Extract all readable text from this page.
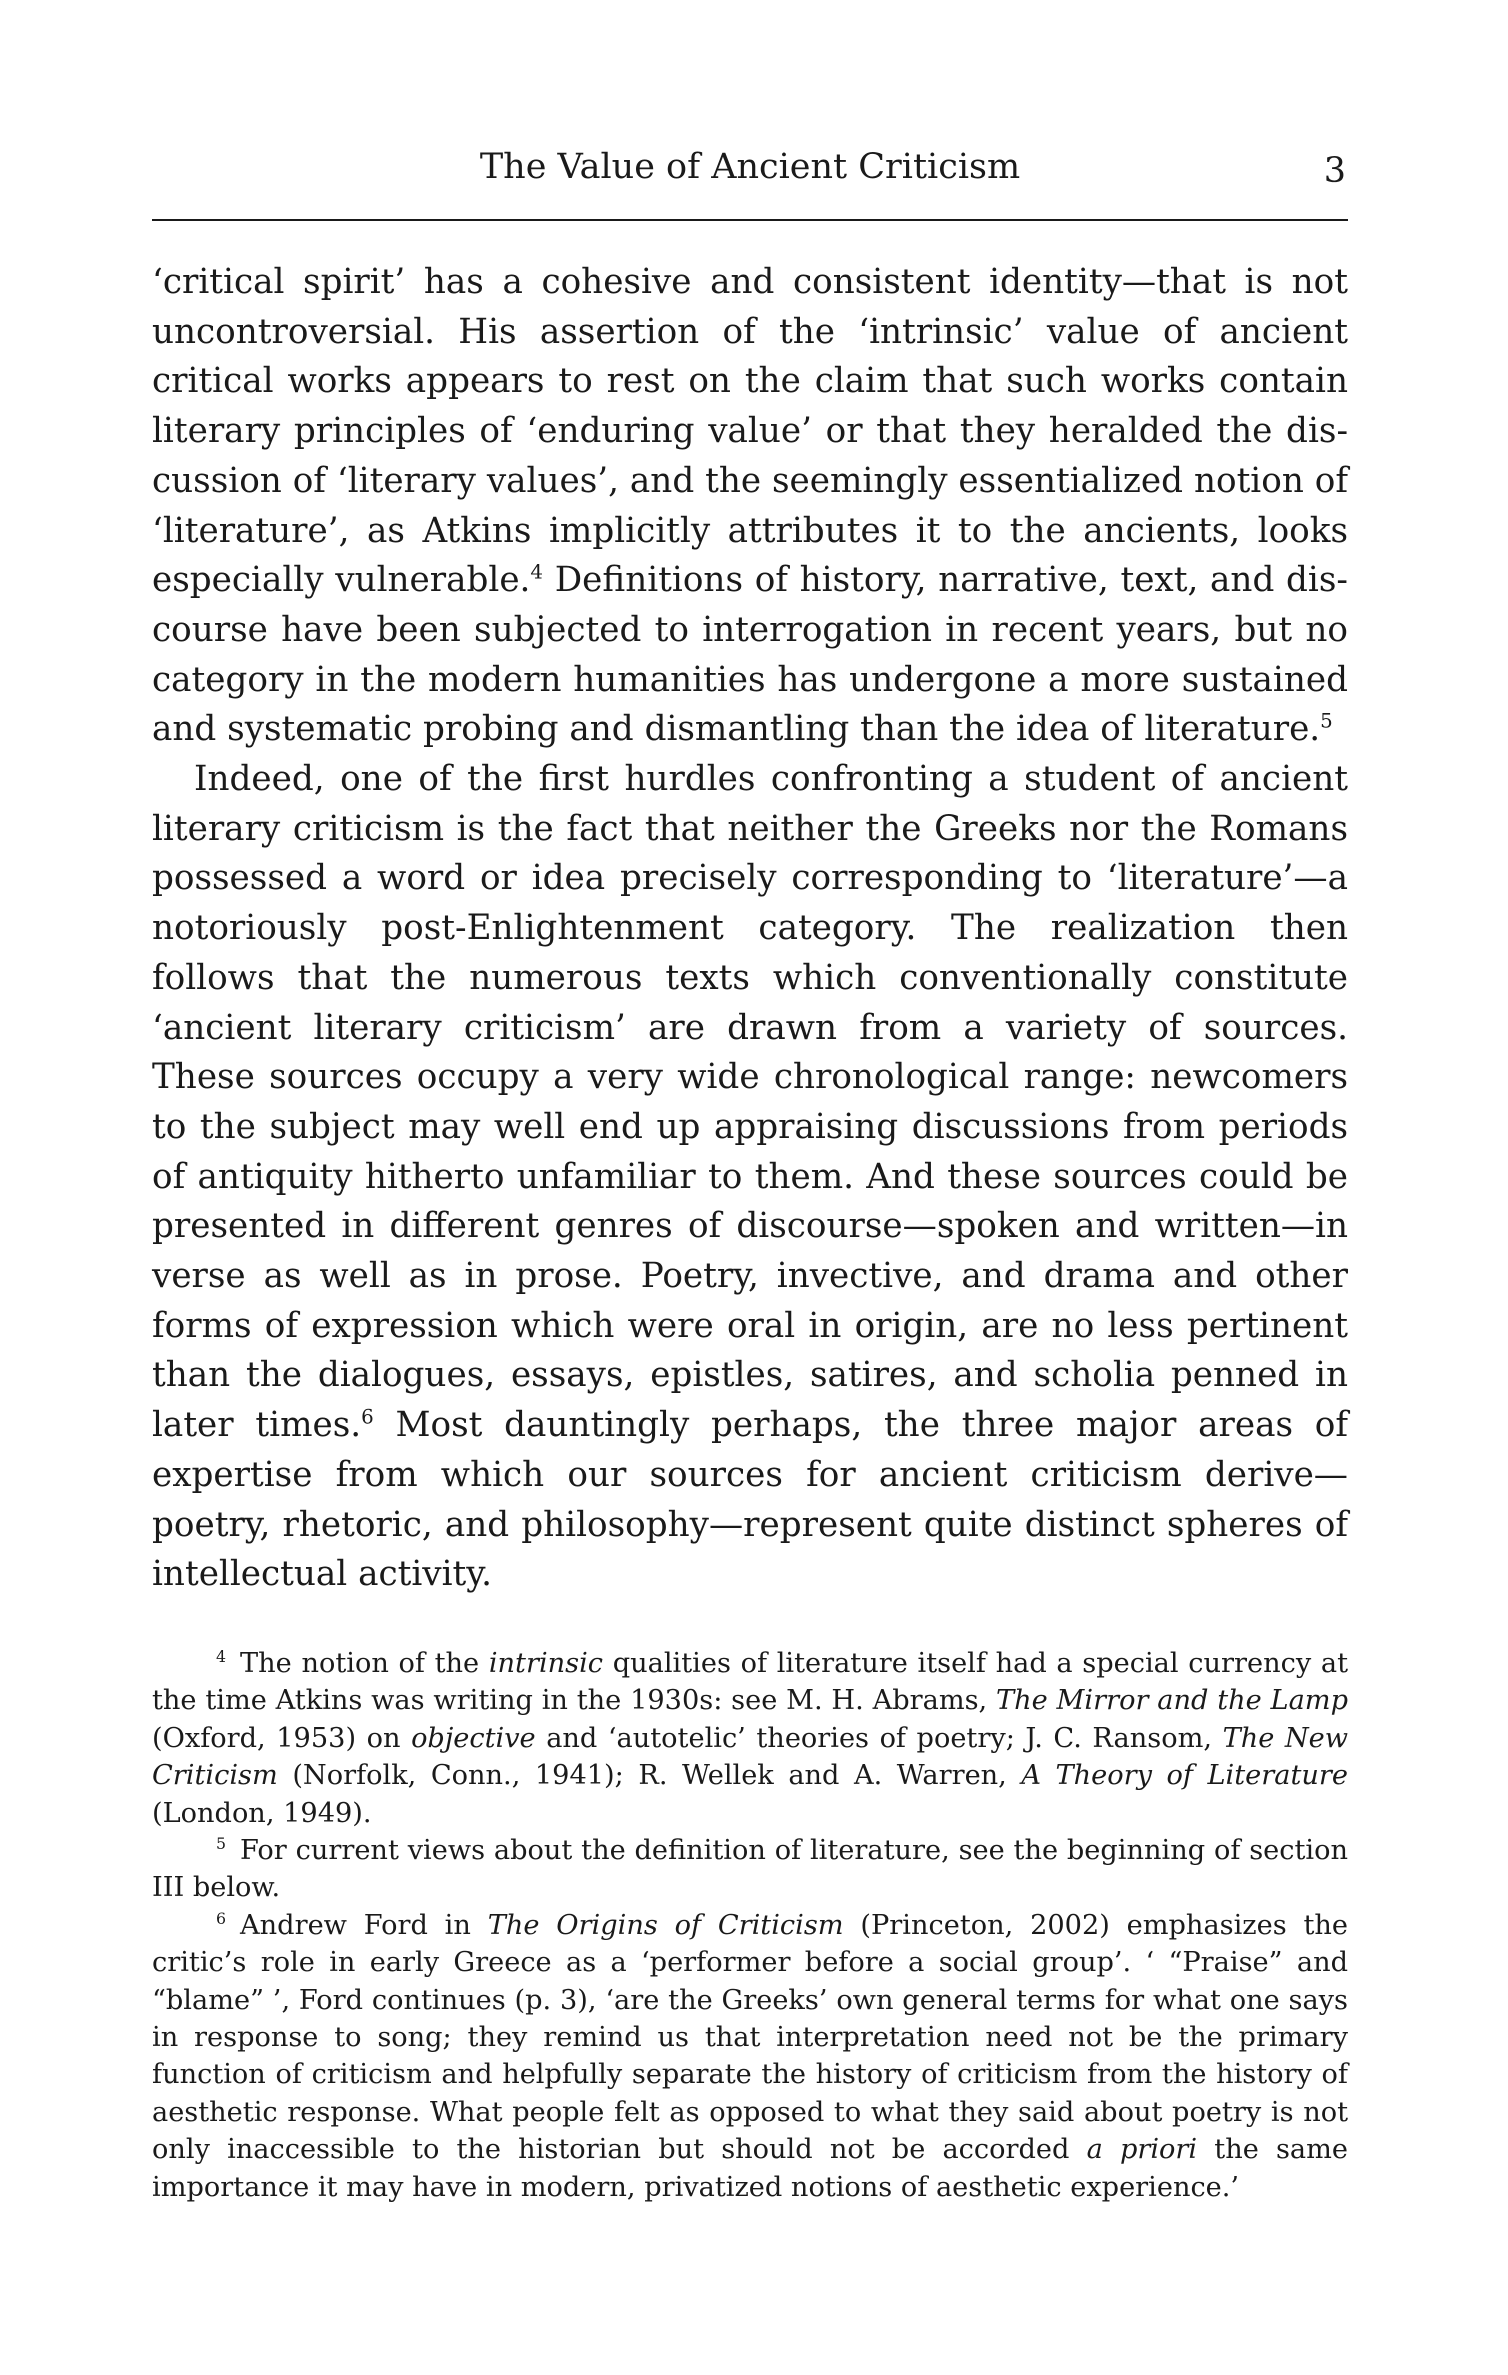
The Value of Ancient Criticism	3

‘critical spirit’ has a cohesive and consistent identity—that is not uncontroversial. His assertion of the ‘intrinsic’ value of ancient critical works appears to rest on the claim that such works contain literary principles of ‘enduring value’ or that they heralded the discussion of ‘literary values’, and the seemingly essentialized notion of ‘literature’, as Atkins implicitly attributes it to the ancients, looks especially vulnerable.$^4$ Definitions of history, narrative, text, and discourse have been subjected to interrogation in recent years, but no category in the modern humanities has undergone a more sustained and systematic probing and dismantling than the idea of literature.$^5$

Indeed, one of the first hurdles confronting a student of ancient literary criticism is the fact that neither the Greeks nor the Romans possessed a word or idea precisely corresponding to ‘literature’—a notoriously post-Enlightenment category. The realization then follows that the numerous texts which conventionally constitute ‘ancient literary criticism’ are drawn from a variety of sources. These sources occupy a very wide chronological range: newcomers to the subject may well end up appraising discussions from periods of antiquity hitherto unfamiliar to them. And these sources could be presented in different genres of discourse—spoken and written—in verse as well as in prose. Poetry, invective, and drama and other forms of expression which were oral in origin, are no less pertinent than the dialogues, essays, epistles, satires, and scholia penned in later times.$^6$ Most dauntingly perhaps, the three major areas of expertise from which our sources for ancient criticism derive—poetry, rhetoric, and philosophy—represent quite distinct spheres of intellectual activity.

$^4$ The notion of the intrinsic qualities of literature itself had a special currency at the time Atkins was writing in the 1930s: see M. H. Abrams, The Mirror and the Lamp (Oxford, 1953) on objective and ‘autotelic’ theories of poetry; J. C. Ransom, The New Criticism (Norfolk, Conn., 1941); R. Wellek and A. Warren, A Theory of Literature (London, 1949).

$^5$ For current views about the definition of literature, see the beginning of section III below.

$^6$ Andrew Ford in The Origins of Criticism (Princeton, 2002) emphasizes the critic’s role in early Greece as a ‘performer before a social group’. ‘ “Praise” and “blame” ’, Ford continues (p. 3), ‘are the Greeks’ own general terms for what one says in response to song; they remind us that interpretation need not be the primary function of criticism and helpfully separate the history of criticism from the history of aesthetic response. What people felt as opposed to what they said about poetry is not only inaccessible to the historian but should not be accorded a priori the same importance it may have in modern, privatized notions of aesthetic experience.’
